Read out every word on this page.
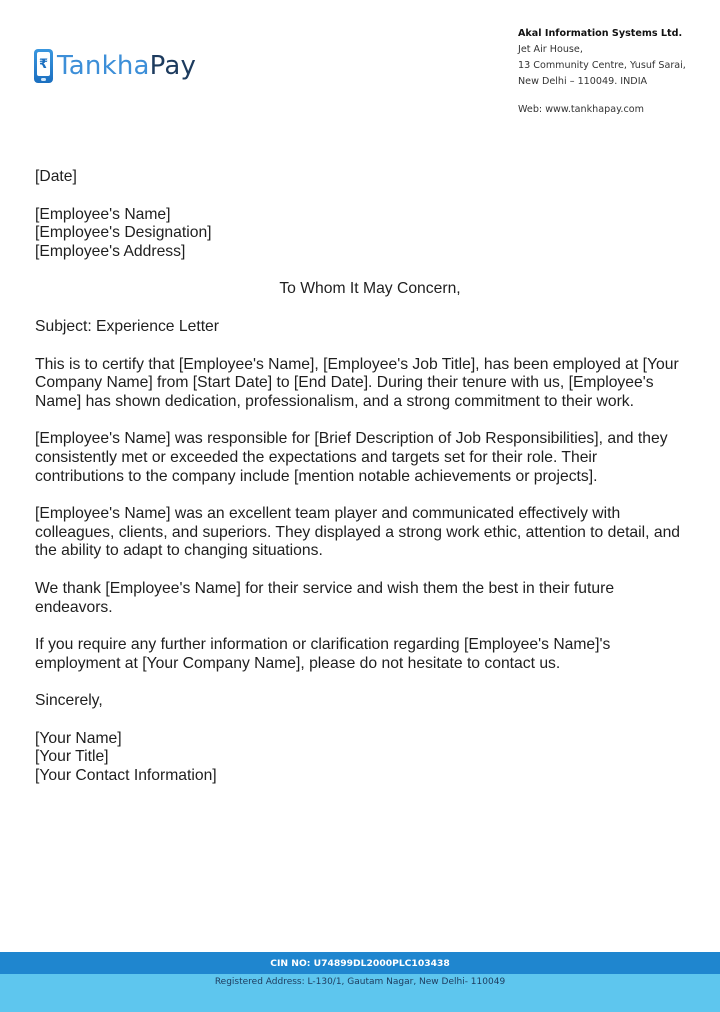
₹ TankhaPay
Akal Information Systems Ltd.
Jet Air House,
13 Community Centre, Yusuf Sarai,
New Delhi – 110049. INDIA
Web: www.tankhapay.com

[Date]

[Employee's Name]

[Employee's Designation]

[Employee's Address]

To Whom It May Concern,

Subject: Experience Letter

This is to certify that [Employee's Name], [Employee's Job Title], has been employed at [Your Company Name] from [Start Date] to [End Date]. During their tenure with us, [Employee's Name] has shown dedication, professionalism, and a strong commitment to their work.

[Employee's Name] was responsible for [Brief Description of Job Responsibilities], and they consistently met or exceeded the expectations and targets set for their role. Their contributions to the company include [mention notable achievements or projects].

[Employee's Name] was an excellent team player and communicated effectively with colleagues, clients, and superiors. They displayed a strong work ethic, attention to detail, and the ability to adapt to changing situations.

We thank [Employee's Name] for their service and wish them the best in their future endeavors.

If you require any further information or clarification regarding [Employee's Name]'s employment at [Your Company Name], please do not hesitate to contact us.

Sincerely,

[Your Name]

[Your Title]

[Your Contact Information]

CIN NO: U74899DL2000PLC103438
Registered Address: L-130/1, Gautam Nagar, New Delhi- 110049
